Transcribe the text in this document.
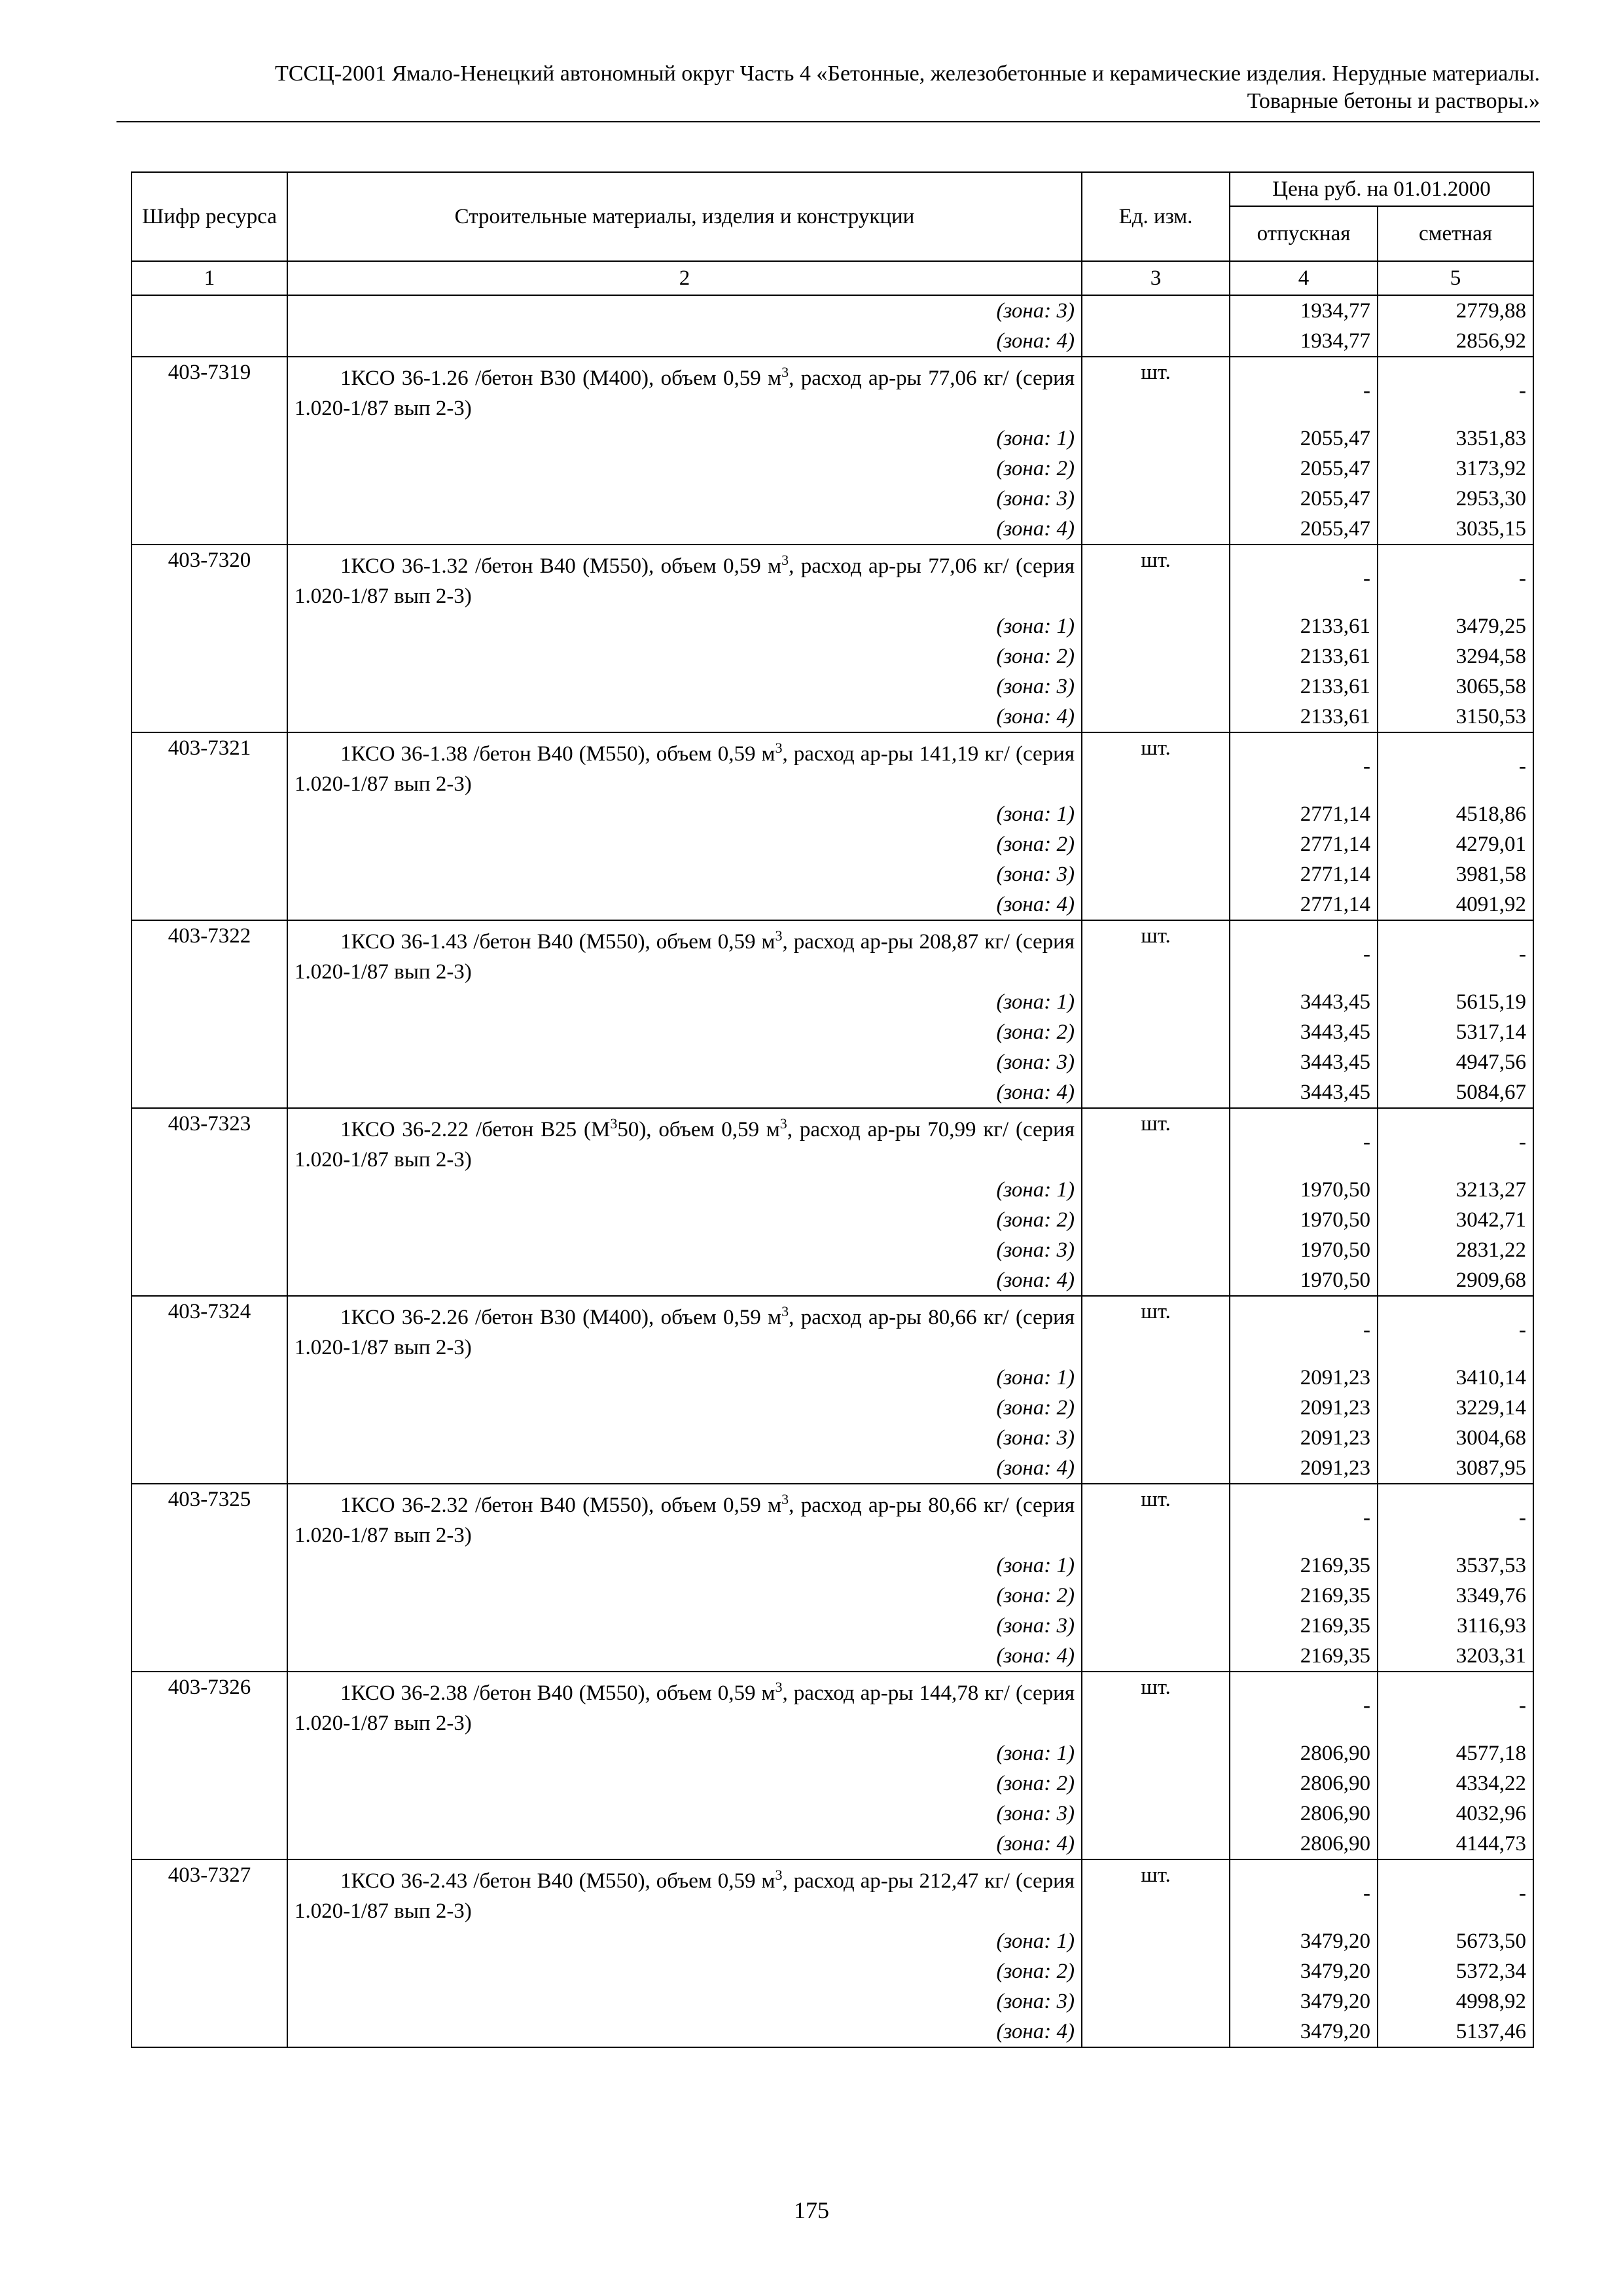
ТССЦ-2001 Ямало-Ненецкий автономный округ Часть 4 «Бетонные, железобетонные и керамические изделия. Нерудные материалы.
Товарные бетоны и растворы.»
Шифр ресурса	Строительные материалы, изделия и конструкции	Ед. изм.	Цена руб. на 01.01.2000	
			отпускная	сметная
1	2	3	4	5
	(зона: 3)		1934,77	2779,88
	(зона: 4)		1934,77	2856,92
403-7319	1КСО 36-1.26 /бетон В30 (М400), объем 0,59 $м^3$, расход ар-ры 77,06 кг/ (серия 1.020-1/87 вып 2-3)	шт.	-	-
	(зона: 1)		2055,47	3351,83
	(зона: 2)		2055,47	3173,92
	(зона: 3)		2055,47	2953,30
	(зона: 4)		2055,47	3035,15
403-7320	1КСО 36-1.32 /бетон В40 (М550), объем 0,59 $м^3$, расход ар-ры 77,06 кг/ (серия 1.020-1/87 вып 2-3)	шт.	-	-
	(зона: 1)		2133,61	3479,25
	(зона: 2)		2133,61	3294,58
	(зона: 3)		2133,61	3065,58
	(зона: 4)		2133,61	3150,53
403-7321	1КСО 36-1.38 /бетон В40 (М550), объем 0,59 $м^3$, расход ар-ры 141,19 кг/ (серия 1.020-1/87 вып 2-3)	шт.	-	-
	(зона: 1)		2771,14	4518,86
	(зона: 2)		2771,14	4279,01
	(зона: 3)		2771,14	3981,58
	(зона: 4)		2771,14	4091,92
403-7322	1КСО 36-1.43 /бетон В40 (М550), объем 0,59 $м^3$, расход ар-ры 208,87 кг/ (серия 1.020-1/87 вып 2-3)	шт.	-	-
	(зона: 1)		3443,45	5615,19
	(зона: 2)		3443,45	5317,14
	(зона: 3)		3443,45	4947,56
	(зона: 4)		3443,45	5084,67
403-7323	1КСО 36-2.22 /бетон В25 $(М^350)$, объем 0,59 $м^3$, расход ар-ры 70,99 кг/ (серия 1.020-1/87 вып 2-3)	шт.	-	-
	(зона: 1)		1970,50	3213,27
	(зона: 2)		1970,50	3042,71
	(зона: 3)		1970,50	2831,22
	(зона: 4)		1970,50	2909,68
403-7324	1КСО 36-2.26 /бетон В30 (М400), объем 0,59 $м^3$, расход ар-ры 80,66 кг/ (серия 1.020-1/87 вып 2-3)	шт.	-	-
	(зона: 1)		2091,23	3410,14
	(зона: 2)		2091,23	3229,14
	(зона: 3)		2091,23	3004,68
	(зона: 4)		2091,23	3087,95
403-7325	1КСО 36-2.32 /бетон В40 (М550), объем 0,59 $м^3$, расход ар-ры 80,66 кг/ (серия 1.020-1/87 вып 2-3)	шт.	-	-
	(зона: 1)		2169,35	3537,53
	(зона: 2)		2169,35	3349,76
	(зона: 3)		2169,35	3116,93
	(зона: 4)		2169,35	3203,31
403-7326	1КСО 36-2.38 /бетон В40 (М550), объем 0,59 $м^3$, расход ар-ры 144,78 кг/ (серия 1.020-1/87 вып 2-3)	шт.	-	-
	(зона: 1)		2806,90	4577,18
	(зона: 2)		2806,90	4334,22
	(зона: 3)		2806,90	4032,96
	(зона: 4)		2806,90	4144,73
403-7327	1КСО 36-2.43 /бетон В40 (М550), объем 0,59 $м^3$, расход ар-ры 212,47 кг/ (серия 1.020-1/87 вып 2-3)	шт.	-	-
	(зона: 1)		3479,20	5673,50
	(зона: 2)		3479,20	5372,34
	(зона: 3)		3479,20	4998,92
	(зона: 4)		3479,20	5137,46
175
